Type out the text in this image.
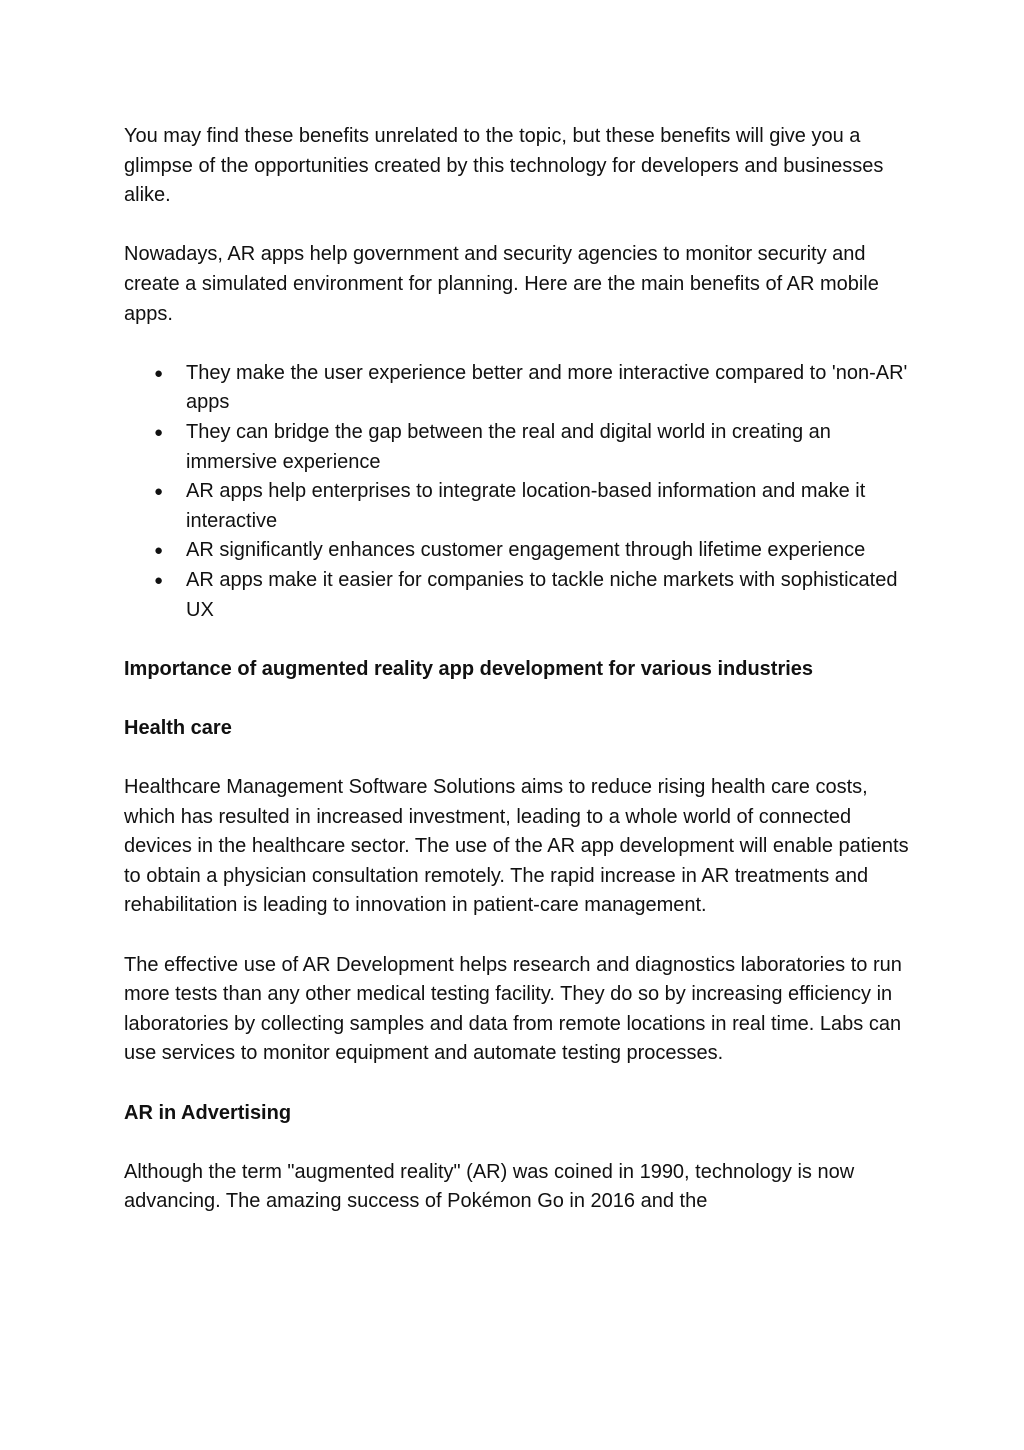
You may find these benefits unrelated to the topic, but these benefits will give you a glimpse of the opportunities created by this technology for developers and businesses alike.

Nowadays, AR apps help government and security agencies to monitor security and create a simulated environment for planning. Here are the main benefits of AR mobile apps.

● They make the user experience better and more interactive compared to 'non-AR' apps
● They can bridge the gap between the real and digital world in creating an immersive experience
● AR apps help enterprises to integrate location-based information and make it interactive
● AR significantly enhances customer engagement through lifetime experience
● AR apps make it easier for companies to tackle niche markets with sophisticated UX

Importance of augmented reality app development for various industries

Health care

Healthcare Management Software Solutions aims to reduce rising health care costs, which has resulted in increased investment, leading to a whole world of connected devices in the healthcare sector. The use of the AR app development will enable patients to obtain a physician consultation remotely. The rapid increase in AR treatments and rehabilitation is leading to innovation in patient-care management.

The effective use of AR Development helps research and diagnostics laboratories to run more tests than any other medical testing facility. They do so by increasing efficiency in laboratories by collecting samples and data from remote locations in real time. Labs can use services to monitor equipment and automate testing processes.

AR in Advertising

Although the term "augmented reality" (AR) was coined in 1990, technology is now advancing. The amazing success of Pokémon Go in 2016 and the
